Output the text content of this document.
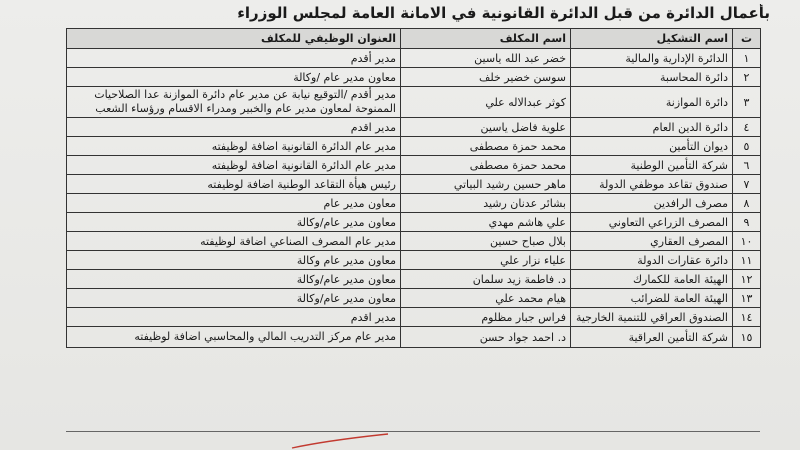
بأعمال الدائرة من قبل الدائرة القانونية في الامانة العامة لمجلس الوزراء
ت	اسم التشكيل	اسم المكلف	العنوان الوظيفي للمكلف
١	الدائرة الإدارية والمالية	خضر عبد الله ياسين	مدير أقدم
٢	دائرة المحاسبة	سوسن خضير خلف	معاون مدير عام /وكالة
٣	دائرة الموازنة	كوثر عبدالاله علي	مدير أقدم /التوقيع نيابة عن مدير عام دائرة الموازنة عدا الصلاحيات الممنوحة لمعاون مدير عام والخبير ومدراء الاقسام ورؤساء الشعب
٤	دائرة الدين العام	علوية فاضل ياسين	مدير اقدم
٥	ديوان التأمين	محمد حمزة مصطفى	مدير عام الدائرة القانونية اضافة لوظيفته
٦	شركة التأمين الوطنية	محمد حمزة مصطفى	مدير عام الدائرة القانونية اضافة لوظيفته
٧	صندوق تقاعد موظفي الدولة	ماهر حسين رشيد البياتي	رئيس هيأة التقاعد الوطنية اضافة لوظيفته
٨	مصرف الرافدين	بشائر عدنان رشيد	معاون مدير عام
٩	المصرف الزراعي التعاوني	علي هاشم مهدي	معاون مدير عام/وكالة
١٠	المصرف العقاري	بلال صباح حسين	مدير عام المصرف الصناعي اضافة لوظيفته
١١	دائرة عقارات الدولة	علياء نزار علي	معاون مدير عام وكالة
١٢	الهيئة العامة للكمارك	د. فاطمة زيد سلمان	معاون مدير عام/وكالة
١٣	الهيئة العامة للضرائب	هيام محمد علي	معاون مدير عام/وكالة
١٤	الصندوق العراقي للتنمية الخارجية	فراس جبار مظلوم	مدير اقدم
١٥	شركة التأمين العراقية	د. احمد جواد حسن	مدير عام مركز التدريب المالي والمحاسبي اضافة لوظيفته
